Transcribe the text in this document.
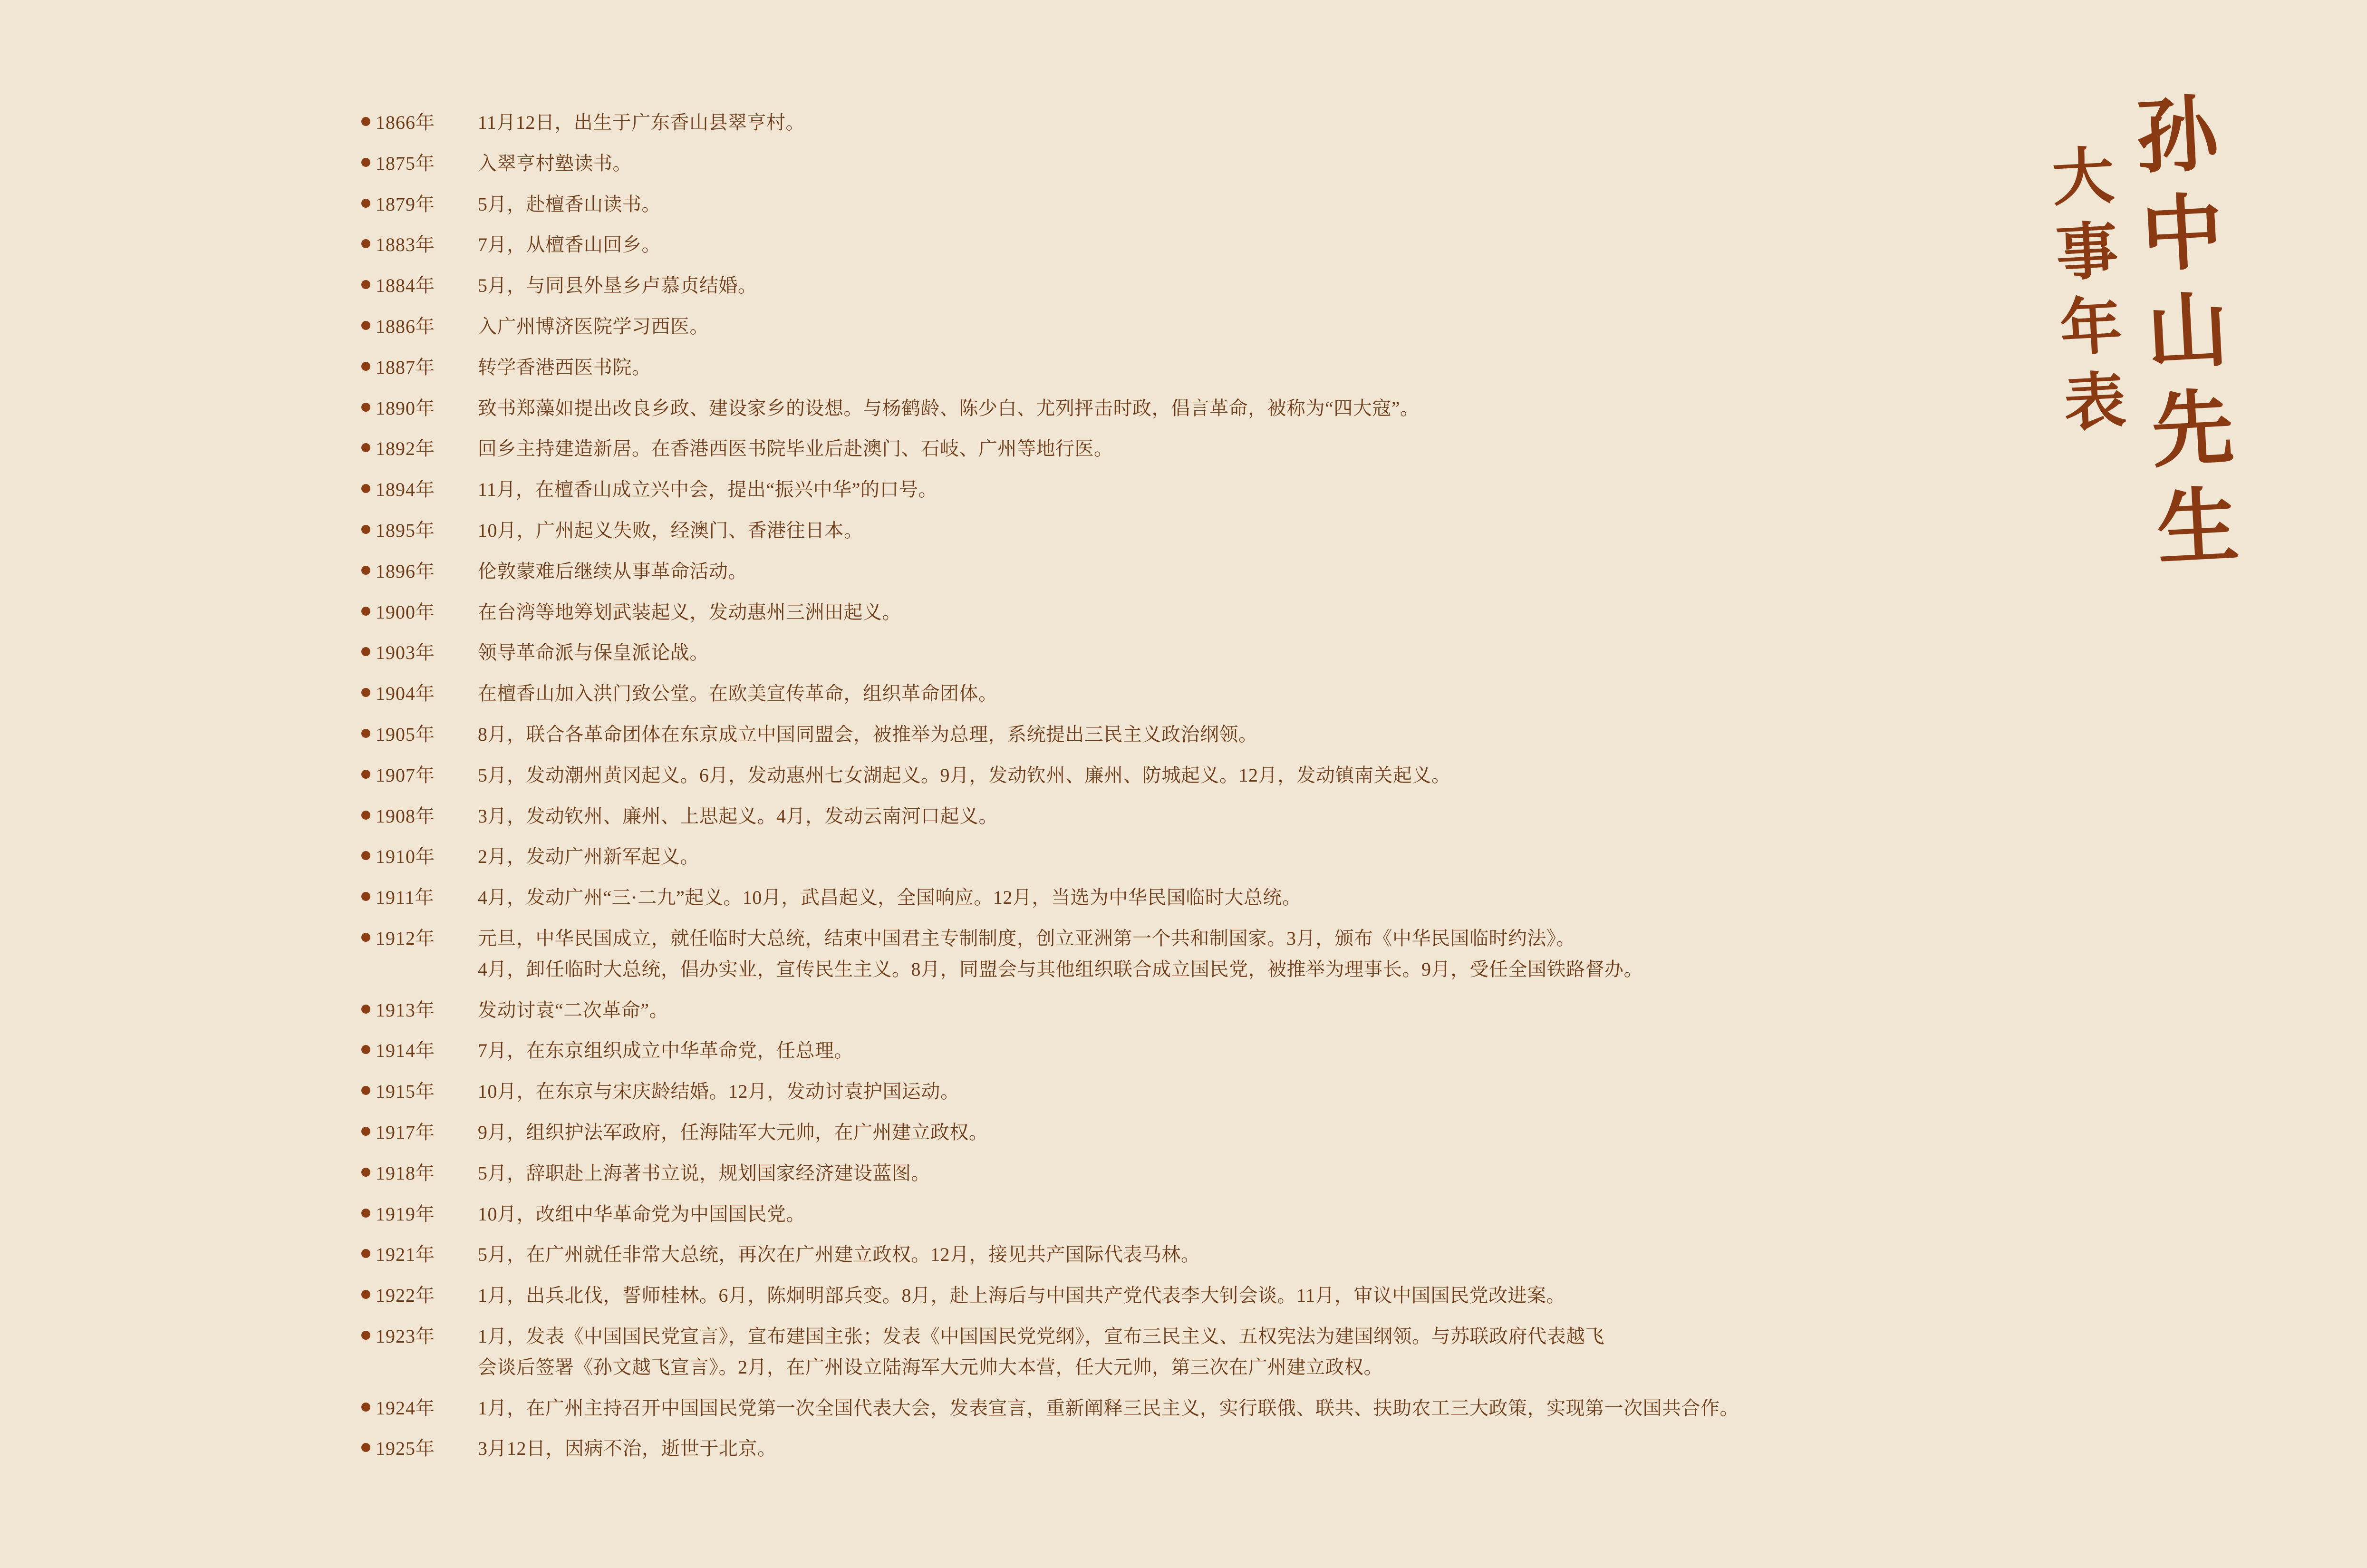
孙中山先生
大事年表
1866年	11月12日，出生于广东香山县翠亨村。
1875年	入翠亨村塾读书。
1879年	5月，赴檀香山读书。
1883年	7月，从檀香山回乡。
1884年	5月，与同县外垦乡卢慕贞结婚。
1886年	入广州博济医院学习西医。
1887年	转学香港西医书院。
1890年	致书郑藻如提出改良乡政、建设家乡的设想。与杨鹤龄、陈少白、尤列抨击时政，倡言革命，被称为“四大寇”。
1892年	回乡主持建造新居。在香港西医书院毕业后赴澳门、石岐、广州等地行医。
1894年	11月，在檀香山成立兴中会，提出“振兴中华”的口号。
1895年	10月，广州起义失败，经澳门、香港往日本。
1896年	伦敦蒙难后继续从事革命活动。
1900年	在台湾等地筹划武装起义，发动惠州三洲田起义。
1903年	领导革命派与保皇派论战。
1904年	在檀香山加入洪门致公堂。在欧美宣传革命，组织革命团体。
1905年	8月，联合各革命团体在东京成立中国同盟会，被推举为总理，系统提出三民主义政治纲领。
1907年	5月，发动潮州黄冈起义。6月，发动惠州七女湖起义。9月，发动钦州、廉州、防城起义。12月，发动镇南关起义。
1908年	3月，发动钦州、廉州、上思起义。4月，发动云南河口起义。
1910年	2月，发动广州新军起义。
1911年	4月，发动广州“三·二九”起义。10月，武昌起义，全国响应。12月，当选为中华民国临时大总统。
1912年	元旦，中华民国成立，就任临时大总统，结束中国君主专制制度，创立亚洲第一个共和制国家。3月，颁布《中华民国临时约法》。
4月，卸任临时大总统，倡办实业，宣传民生主义。8月，同盟会与其他组织联合成立国民党，被推举为理事长。9月，受任全国铁路督办。
1913年	发动讨袁“二次革命”。
1914年	7月，在东京组织成立中华革命党，任总理。
1915年	10月，在东京与宋庆龄结婚。12月，发动讨袁护国运动。
1917年	9月，组织护法军政府，任海陆军大元帅，在广州建立政权。
1918年	5月，辞职赴上海著书立说，规划国家经济建设蓝图。
1919年	10月，改组中华革命党为中国国民党。
1921年	5月，在广州就任非常大总统，再次在广州建立政权。12月，接见共产国际代表马林。
1922年	1月，出兵北伐，誓师桂林。6月，陈炯明部兵变。8月，赴上海后与中国共产党代表李大钊会谈。11月，审议中国国民党改进案。
1923年	1月，发表《中国国民党宣言》，宣布建国主张；发表《中国国民党党纲》，宣布三民主义、五权宪法为建国纲领。与苏联政府代表越飞
会谈后签署《孙文越飞宣言》。2月，在广州设立陆海军大元帅大本营，任大元帅，第三次在广州建立政权。
1924年	1月，在广州主持召开中国国民党第一次全国代表大会，发表宣言，重新阐释三民主义，实行联俄、联共、扶助农工三大政策，实现第一次国共合作。
1925年	3月12日，因病不治，逝世于北京。
